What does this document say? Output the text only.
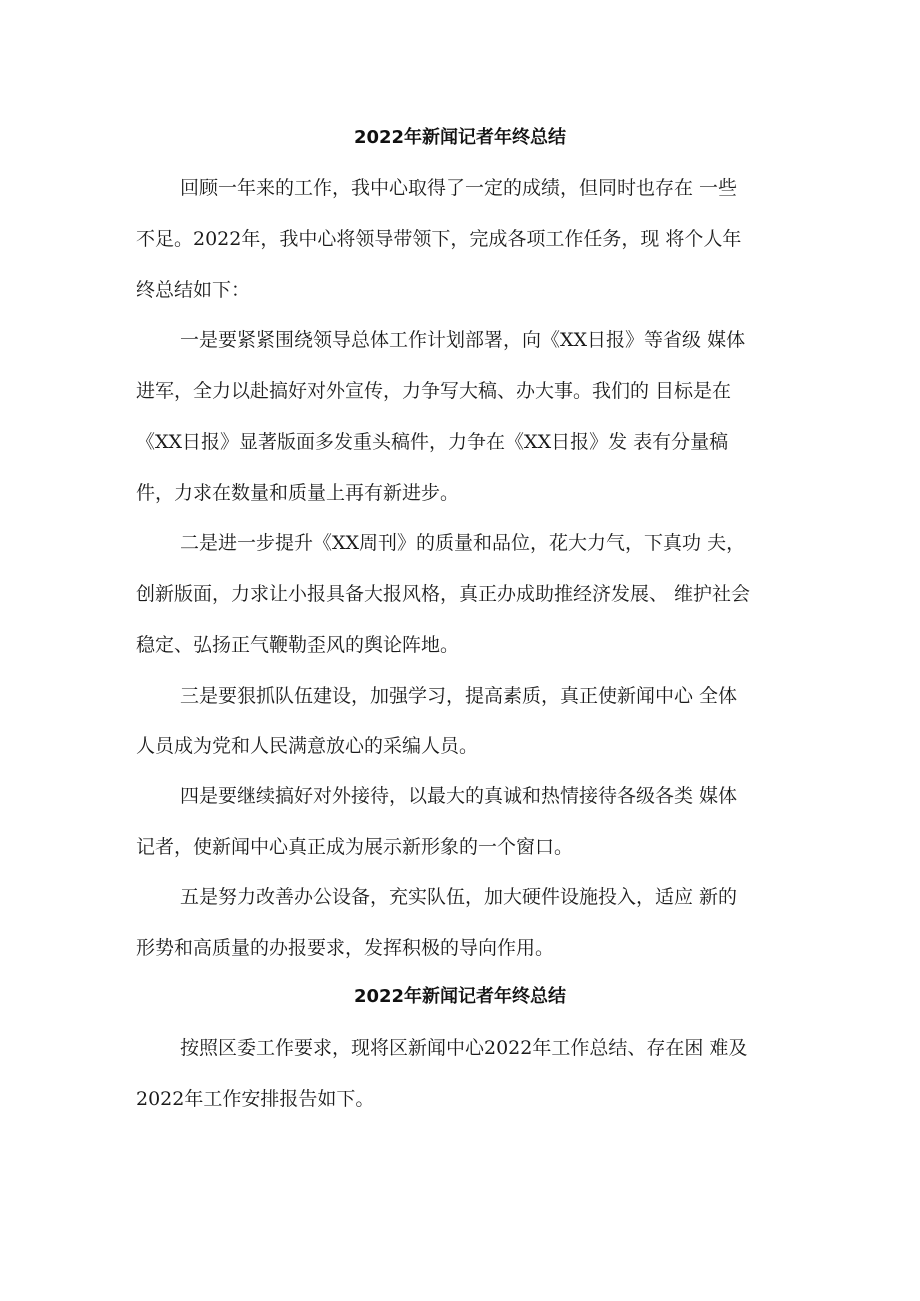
2022年新闻记者年终总结
回顾一年来的工作，我中心取得了一定的成绩，但同时也存在 一些
不足。2022年，我中心将领导带领下，完成各项工作任务，现 将个人年
终总结如下：
一是要紧紧围绕领导总体工作计划部署，向《XX日报》等省级 媒体
进军，全力以赴搞好对外宣传，力争写大稿、办大事。我们的 目标是在
《XX日报》显著版面多发重头稿件，力争在《XX日报》发 表有分量稿
件，力求在数量和质量上再有新进步。
二是进一步提升《XX周刊》的质量和品位，花大力气，下真功 夫，
创新版面，力求让小报具备大报风格，真正办成助推经济发展、 维护社会
稳定、弘扬正气鞭勒歪风的舆论阵地。
三是要狠抓队伍建设，加强学习，提高素质，真正使新闻中心 全体
人员成为党和人民满意放心的采编人员。
四是要继续搞好对外接待，以最大的真诚和热情接待各级各类 媒体
记者，使新闻中心真正成为展示新形象的一个窗口。
五是努力改善办公设备，充实队伍，加大硬件设施投入，适应 新的
形势和高质量的办报要求，发挥积极的导向作用。
2022年新闻记者年终总结
按照区委工作要求，现将区新闻中心2022年工作总结、存在困 难及
2022年工作安排报告如下。
